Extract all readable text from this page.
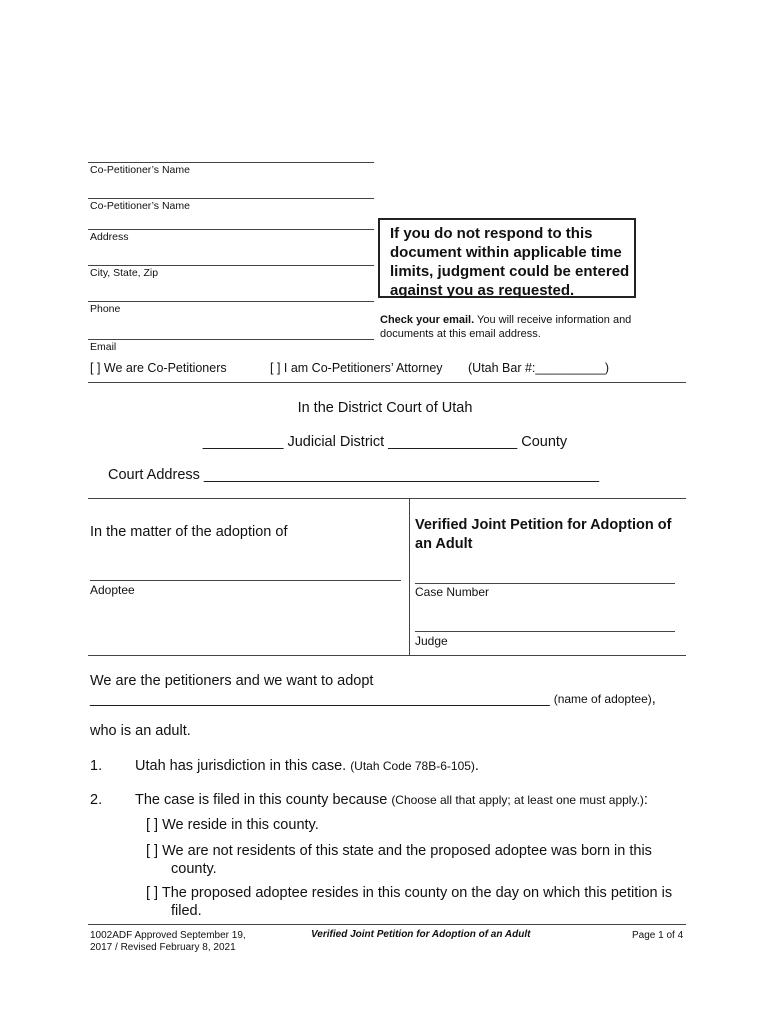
Co-Petitioner’s Name
Co-Petitioner’s Name
Address
City, State, Zip
Phone
Email
If you do not respond to this document within applicable time limits, judgment could be entered against you as requested.
Check your email. You will receive information and documents at this email address.
[ ] We are Co-Petitioners	[ ] I am Co-Petitioners’ Attorney (Utah Bar #:__________)
In the District Court of Utah
__________ Judicial District ________________ County
Court Address _________________________________________________
In the matter of the adoption of	Verified Joint Petition for Adoption of an Adult
Adoptee	Case Number
Judge
We are the petitioners and we want to adopt
_________________________________________________________ (name of adoptee),
who is an adult.
1. Utah has jurisdiction in this case. (Utah Code 78B-6-105).
2. The case is filed in this county because (Choose all that apply; at least one must apply.):
[ ] We reside in this county.
[ ] We are not residents of this state and the proposed adoptee was born in this county.
[ ] The proposed adoptee resides in this county on the day on which this petition is filed.
1002ADF Approved September 19, 2017 / Revised February 8, 2021
Verified Joint Petition for Adoption of an Adult	Page 1 of 4
